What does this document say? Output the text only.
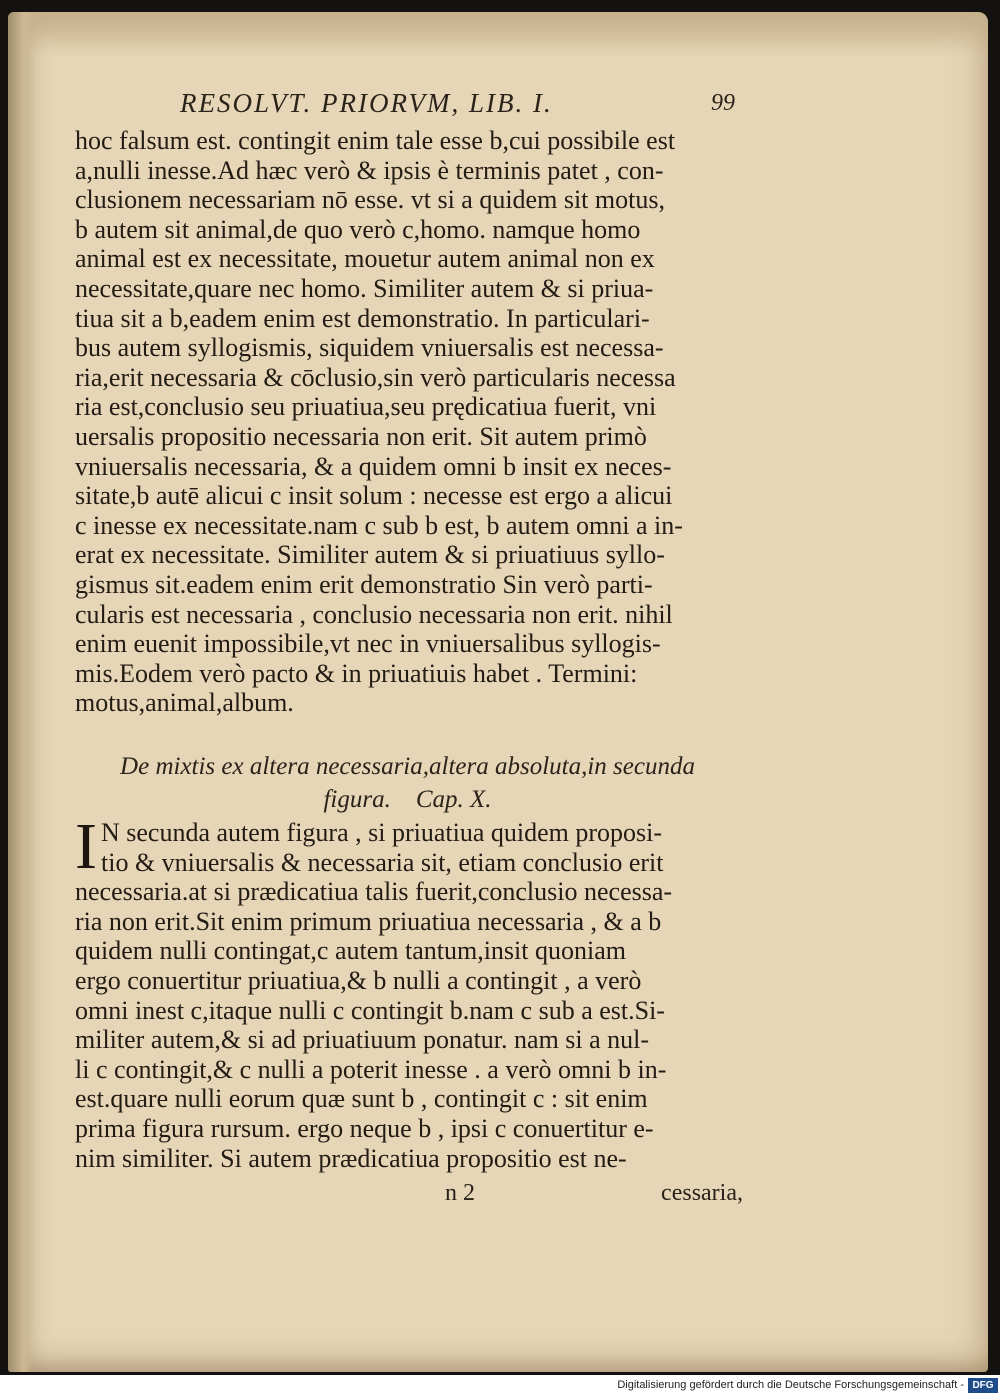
RESOLVT. PRIORVM, LIB. I.	99
hoc falsum est. contingit enim tale esse b,cui possibile est
a,nulli inesse.Ad hæc verò & ipsis è terminis patet , con-
clusionem necessariam nō esse. vt si a quidem sit motus,
b autem sit animal,de quo verò c,homo. namque homo
animal est ex necessitate, mouetur autem animal non ex
necessitate,quare nec homo. Similiter autem & si priua-
tiua sit a b,eadem enim est demonstratio. In particulari-
bus autem syllogismis, siquidem vniuersalis est necessa-
ria,erit necessaria & cōclusio,sin verò particularis necessa
ria est,conclusio seu priuatiua,seu prędicatiua fuerit, vni
uersalis propositio necessaria non erit. Sit autem primò
vniuersalis necessaria, & a quidem omni b insit ex neces-
sitate,b autē alicui c insit solum : necesse est ergo a alicui
c inesse ex necessitate.nam c sub b est, b autem omni a in-
erat ex necessitate. Similiter autem & si priuatiuus syllo-
gismus sit.eadem enim erit demonstratio Sin verò parti-
cularis est necessaria , conclusio necessaria non erit. nihil
enim euenit impossibile,vt nec in vniuersalibus syllogis-
mis.Eodem verò pacto & in priuatiuis habet . Termini:
motus,animal,album.
De mixtis ex altera necessaria,altera absoluta,in secunda
figura.    Cap. X.
I N secunda autem figura , si priuatiua quidem proposi-
tio & vniuersalis & necessaria sit, etiam conclusio erit
necessaria.at si prædicatiua talis fuerit,conclusio necessa-
ria non erit.Sit enim primum priuatiua necessaria , & a b
quidem nulli contingat,c autem tantum,insit quoniam
ergo conuertitur priuatiua,& b nulli a contingit , a verò
omni inest c,itaque nulli c contingit b.nam c sub a est.Si-
militer autem,& si ad priuatiuum ponatur. nam si a nul-
li c contingit,& c nulli a poterit inesse . a verò omni b in-
est.quare nulli eorum quæ sunt b , contingit c : sit enim
prima figura rursum. ergo neque b , ipsi c conuertitur e-
nim similiter. Si autem prædicatiua propositio est ne-
n 2	cessaria,
Digitalisierung gefördert durch die Deutsche Forschungsgemeinschaft - DFG
